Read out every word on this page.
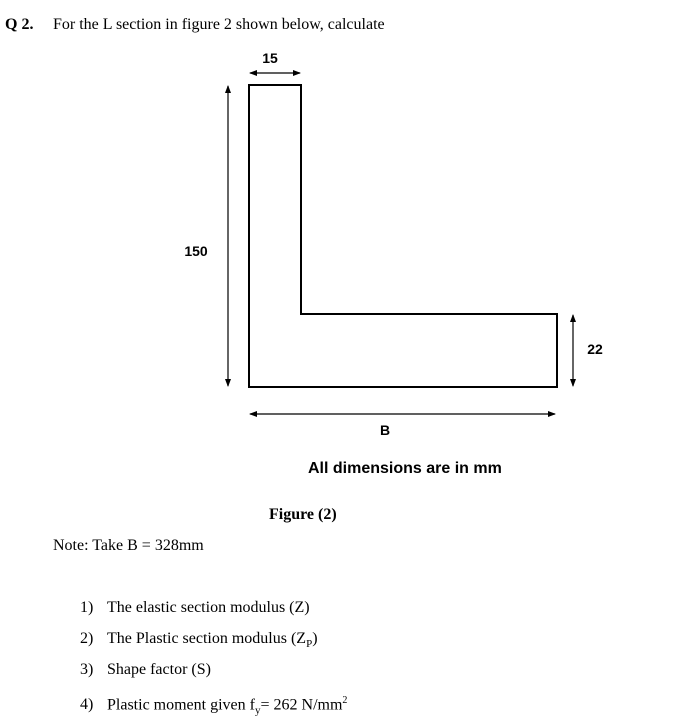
Q 2. For the L section in figure 2 shown below, calculate
15
150
22
B
All dimensions are in mm
Figure (2)
Note: Take B = 328mm
1) The elastic section modulus (Z)
2) The Plastic section modulus $(Z_P)$
3) Shape factor (S)
4) Plastic moment given $f_y= 262$ $N/mm^2$
